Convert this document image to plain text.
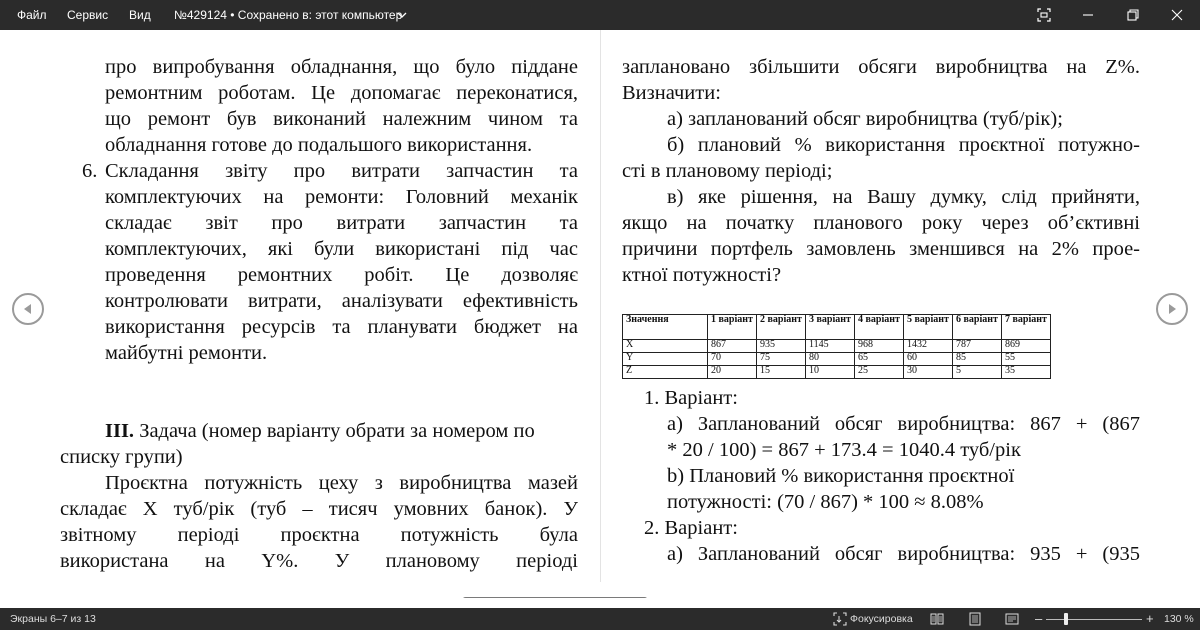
Файл Сервис Вид №429124 • Сохранено в: этот компьютер
про випробування обладнання, що було піддане
ремонтним роботам. Це допомагає переконатися,
що ремонт був виконаний належним чином та
обладнання готове до подальшого використання.
6. Складання звіту про витрати запчастин та
комплектуючих на ремонти: Головний механік
складає звіт про витрати запчастин та
комплектуючих, які були використані під час
проведення ремонтних робіт. Це дозволяє
контролювати витрати, аналізувати ефективність
використання ресурсів та планувати бюджет на
майбутні ремонти.
ІІІ. Задача (номер варіанту обрати за номером по
списку групи)
Проєктна потужність цеху з виробництва мазей
складає Х туб/рік (туб – тисяч умовних банок). У
звітному періоді проєктна потужність була
використана на Y%. У плановому періоді
заплановано збільшити обсяги виробництва на Z%.
Визначити:
а) запланований обсяг виробництва (туб/рік);
б) плановий % використання проєктної потужно-
сті в плановому періоді;
в) яке рішення, на Вашу думку, слід прийняти,
якщо на початку планового року через об’єктивні
причини портфель замовлень зменшився на 2% прое-
ктної потужності?
Значення	1 варіант	2 варіант	3 варіант	4 варіант	5 варіант	6 варіант	7 варіант
X	867	935	1145	968	1432	787	869
Y	70	75	80	65	60	85	55
Z	20	15	10	25	30	5	35
1. Варіант:
а) Запланований обсяг виробництва: 867 + (867
* 20 / 100) = 867 + 173.4 = 1040.4 туб/рік
b) Плановий % використання проєктної
потужності: (70 / 867) * 100 ≈ 8.08%
2. Варіант:
а) Запланований обсяг виробництва: 935 + (935
Экраны 6–7 из 13	Фокусировка	–	+ 130 %
